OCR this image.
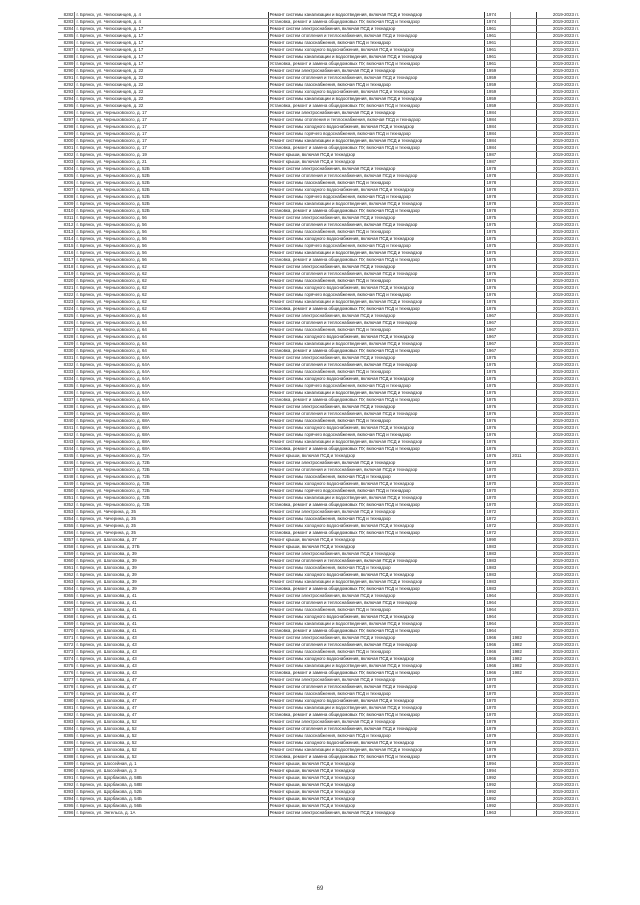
8282	г. Брянск, ул. Челюскинцев, д. 4	Ремонт системы канализации и водоотведения, включая ПСД и технадзор	1974		2019-2023 гг.
8283	г. Брянск, ул. Челюскинцев, д. 4	Установка, ремонт и замена общедомовых ПУ, включая ПСД и технадзор	1974		2019-2023 гг.
8284	г. Брянск, ул. Челюскинцев, д. 17	Ремонт систем электроснабжения, включая ПСД и технадзор	1961		2019-2023 гг.
8285	г. Брянск, ул. Челюскинцев, д. 17	Ремонт систем отопления и теплоснабжения, включая ПСД и технадзор	1961		2019-2023 гг.
8286	г. Брянск, ул. Челюскинцев, д. 17	Ремонт системы газоснабжения, включая ПСД и технадзор	1961		2019-2023 гг.
8287	г. Брянск, ул. Челюскинцев, д. 17	Ремонт системы холодного водоснабжения, включая ПСД и технадзор	1961		2019-2023 гг.
8288	г. Брянск, ул. Челюскинцев, д. 17	Ремонт системы канализации и водоотведения, включая ПСД и технадзор	1961		2019-2023 гг.
8289	г. Брянск, ул. Челюскинцев, д. 17	Установка, ремонт и замена общедомовых ПУ, включая ПСД и технадзор	1961		2019-2023 гг.
8290	г. Брянск, ул. Челюскинцев, д. 22	Ремонт систем электроснабжения, включая ПСД и технадзор	1959		2019-2023 гг.
8291	г. Брянск, ул. Челюскинцев, д. 22	Ремонт систем отопления и теплоснабжения, включая ПСД и технадзор	1959		2019-2023 гг.
8292	г. Брянск, ул. Челюскинцев, д. 22	Ремонт системы газоснабжения, включая ПСД и технадзор	1959		2019-2023 гг.
8293	г. Брянск, ул. Челюскинцев, д. 22	Ремонт системы холодного водоснабжения, включая ПСД и технадзор	1959		2019-2023 гг.
8294	г. Брянск, ул. Челюскинцев, д. 22	Ремонт системы канализации и водоотведения, включая ПСД и технадзор	1959		2019-2023 гг.
8295	г. Брянск, ул. Челюскинцев, д. 22	Установка, ремонт и замена общедомовых ПУ, включая ПСД и технадзор	1959		2019-2023 гг.
8296	г. Брянск, ул. Черныховского, д. 17	Ремонт систем электроснабжения, включая ПСД и технадзор	1984		2019-2023 гг.
8297	г. Брянск, ул. Черныховского, д. 17	Ремонт системы отопления и теплоснабжения, включая ПСД и технадзор	1984		2019-2023 гг.
8298	г. Брянск, ул. Черныховского, д. 17	Ремонт системы холодного водоснабжения, включая ПСД и технадзор	1984		2019-2023 гг.
8299	г. Брянск, ул. Черныховского, д. 17	Ремонт системы горячего водоснабжения, включая ПСД и технадзор	1984		2019-2023 гг.
8300	г. Брянск, ул. Черныховского, д. 17	Ремонт системы канализации и водоотведения, включая ПСД и технадзор	1984		2019-2023 гг.
8301	г. Брянск, ул. Черныховского, д. 17	Установка, ремонт и замена общедомовых ПУ, включая ПСД и технадзор	1984		2019-2023 гг.
8302	г. Брянск, ул. Черныховского, д. 19	Ремонт крыши, включая ПСД и технадзор	1987		2019-2023 гг.
8303	г. Брянск, ул. Черныховского, д. 21	Ремонт крыши, включая ПСД и технадзор	1987		2019-2023 гг.
8304	г. Брянск, ул. Черныховского, д. 52Б	Ремонт систем электроснабжения, включая ПСД и технадзор	1978		2019-2023 гг.
8305	г. Брянск, ул. Черныховского, д. 52Б	Ремонт систем отопления и теплоснабжения, включая ПСД и технадзор	1978		2019-2023 гг.
8306	г. Брянск, ул. Черныховского, д. 52Б	Ремонт системы газоснабжения, включая ПСД и технадзор	1978		2019-2023 гг.
8307	г. Брянск, ул. Черныховского, д. 52Б	Ремонт системы холодного водоснабжения, включая ПСД и технадзор	1978		2019-2023 гг.
8308	г. Брянск, ул. Черныховского, д. 52Б	Ремонт системы горячего водоснабжения, включая ПСД и технадзор	1978		2019-2023 гг.
8309	г. Брянск, ул. Черныховского, д. 52Б	Ремонт системы канализации и водоотведения, включая ПСД и технадзор	1978		2019-2023 гг.
8310	г. Брянск, ул. Черныховского, д. 52Б	Установка, ремонт и замена общедомовых ПУ, включая ПСД и технадзор	1978		2019-2023 гг.
8311	г. Брянск, ул. Черныховского, д. 56	Ремонт систем электроснабжения, включая ПСД и технадзор	1975		2019-2023 гг.
8312	г. Брянск, ул. Черныховского, д. 56	Ремонт систем отопления и теплоснабжения, включая ПСД и технадзор	1975		2019-2023 гг.
8313	г. Брянск, ул. Черныховского, д. 56	Ремонт системы газоснабжения, включая ПСД и технадзор	1975		2019-2023 гг.
8314	г. Брянск, ул. Черныховского, д. 56	Ремонт системы холодного водоснабжения, включая ПСД и технадзор	1975		2019-2023 гг.
8315	г. Брянск, ул. Черныховского, д. 56	Ремонт системы горячего водоснабжения, включая ПСД и технадзор	1975		2019-2023 гг.
8316	г. Брянск, ул. Черныховского, д. 56	Ремонт системы канализации и водоотведения, включая ПСД и технадзор	1975		2019-2023 гг.
8317	г. Брянск, ул. Черныховского, д. 56	Установка, ремонт и замена общедомовых ПУ, включая ПСД и технадзор	1975		2019-2023 гг.
8318	г. Брянск, ул. Черныховского, д. 62	Ремонт систем электроснабжения, включая ПСД и технадзор	1976		2019-2023 гг.
8319	г. Брянск, ул. Черныховского, д. 62	Ремонт систем отопления и теплоснабжения, включая ПСД и технадзор	1976		2019-2023 гг.
8320	г. Брянск, ул. Черныховского, д. 62	Ремонт системы газоснабжения, включая ПСД и технадзор	1976		2019-2023 гг.
8321	г. Брянск, ул. Черныховского, д. 62	Ремонт системы холодного водоснабжения, включая ПСД и технадзор	1976		2019-2023 гг.
8322	г. Брянск, ул. Черныховского, д. 62	Ремонт системы горячего водоснабжения, включая ПСД и технадзор	1976		2019-2023 гг.
8323	г. Брянск, ул. Черныховского, д. 62	Ремонт системы канализации и водоотведения, включая ПСД и технадзор	1976		2019-2023 гг.
8324	г. Брянск, ул. Черныховского, д. 62	Установка, ремонт и замена общедомовых ПУ, включая ПСД и технадзор	1976		2019-2023 гг.
8325	г. Брянск, ул. Черныховского, д. 64	Ремонт систем электроснабжения, включая ПСД и технадзор	1967		2019-2023 гг.
8326	г. Брянск, ул. Черныховского, д. 64	Ремонт систем отопления и теплоснабжения, включая ПСД и технадзор	1967		2019-2023 гг.
8327	г. Брянск, ул. Черныховского, д. 64	Ремонт системы газоснабжения, включая ПСД и технадзор	1967		2019-2023 гг.
8328	г. Брянск, ул. Черныховского, д. 64	Ремонт системы холодного водоснабжения, включая ПСД и технадзор	1967		2019-2023 гг.
8329	г. Брянск, ул. Черныховского, д. 64	Ремонт системы канализации и водоотведения, включая ПСД и технадзор	1967		2019-2023 гг.
8330	г. Брянск, ул. Черныховского, д. 64	Установка, ремонт и замена общедомовых ПУ, включая ПСД и технадзор	1967		2019-2023 гг.
8331	г. Брянск, ул. Черныховского, д. 64А	Ремонт систем электроснабжения, включая ПСД и технадзор	1975		2019-2023 гг.
8332	г. Брянск, ул. Черныховского, д. 64А	Ремонт систем отопления и теплоснабжения, включая ПСД и технадзор	1975		2019-2023 гг.
8333	г. Брянск, ул. Черныховского, д. 64А	Ремонт системы газоснабжения, включая ПСД и технадзор	1975		2019-2023 гг.
8334	г. Брянск, ул. Черныховского, д. 64А	Ремонт системы холодного водоснабжения, включая ПСД и технадзор	1975		2019-2023 гг.
8335	г. Брянск, ул. Черныховского, д. 64А	Ремонт системы горячего водоснабжения, включая ПСД и технадзор	1975		2019-2023 гг.
8336	г. Брянск, ул. Черныховского, д. 64А	Ремонт системы канализации и водоотведения, включая ПСД и технадзор	1975		2019-2023 гг.
8337	г. Брянск, ул. Черныховского, д. 64А	Установка, ремонт и замена общедомовых ПУ, включая ПСД и технадзор	1975		2019-2023 гг.
8338	г. Брянск, ул. Черныховского, д. 68А	Ремонт систем электроснабжения, включая ПСД и технадзор	1976		2019-2023 гг.
8339	г. Брянск, ул. Черныховского, д. 68А	Ремонт систем отопления и теплоснабжения, включая ПСД и технадзор	1976		2019-2023 гг.
8340	г. Брянск, ул. Черныховского, д. 68А	Ремонт системы газоснабжения, включая ПСД и технадзор	1976		2019-2023 гг.
8341	г. Брянск, ул. Черныховского, д. 68А	Ремонт системы холодного водоснабжения, включая ПСД и технадзор	1976		2019-2023 гг.
8342	г. Брянск, ул. Черныховского, д. 68А	Ремонт системы горячего водоснабжения, включая ПСД и технадзор	1976		2019-2023 гг.
8343	г. Брянск, ул. Черныховского, д. 68А	Ремонт системы канализации и водоотведения, включая ПСД и технадзор	1976		2019-2023 гг.
8344	г. Брянск, ул. Черныховского, д. 68А	Установка, ремонт и замена общедомовых ПУ, включая ПСД и технадзор	1976		2019-2023 гг.
8345	г. Брянск, ул. Черныховского, д. 72А	Ремонт крыши, включая ПСД и технадзор	1976	2011	2019-2023 гг.
8346	г. Брянск, ул. Черныховского, д. 72Б	Ремонт систем электроснабжения, включая ПСД и технадзор	1970		2019-2023 гг.
8347	г. Брянск, ул. Черныховского, д. 72Б	Ремонт систем отопления и теплоснабжения, включая ПСД и технадзор	1970		2019-2023 гг.
8348	г. Брянск, ул. Черныховского, д. 72Б	Ремонт системы газоснабжения, включая ПСД и технадзор	1970		2019-2023 гг.
8349	г. Брянск, ул. Черныховского, д. 72Б	Ремонт системы холодного водоснабжения, включая ПСД и технадзор	1970		2019-2023 гг.
8350	г. Брянск, ул. Черныховского, д. 72Б	Ремонт системы горячего водоснабжения, включая ПСД и технадзор	1970		2019-2023 гг.
8351	г. Брянск, ул. Черныховского, д. 72Б	Ремонт системы канализации и водоотведения, включая ПСД и технадзор	1970		2019-2023 гг.
8352	г. Брянск, ул. Черныховского, д. 72Б	Установка, ремонт и замена общедомовых ПУ, включая ПСД и технадзор	1970		2019-2023 гг.
8353	г. Брянск, ул. Чичерина, д. 35	Ремонт систем электроснабжения, включая ПСД и технадзор	1972		2019-2023 гг.
8354	г. Брянск, ул. Чичерина, д. 35	Ремонт системы газоснабжения, включая ПСД и технадзор	1972		2019-2023 гг.
8355	г. Брянск, ул. Чичерина, д. 35	Ремонт системы холодного водоснабжения, включая ПСД и технадзор	1972		2019-2023 гг.
8356	г. Брянск, ул. Чичерина, д. 35	Установка, ремонт и замена общедомовых ПУ, включая ПСД и технадзор	1972		2019-2023 гг.
8357	г. Брянск, ул. Шолохова, д. 37	Ремонт крыши, включая ПСД и технадзор	1990		2019-2023 гг.
8358	г. Брянск, ул. Шолохова, д. 37Б	Ремонт крыши, включая ПСД и технадзор	1983		2019-2023 гг.
8359	г. Брянск, ул. Шолохова, д. 39	Ремонт систем электроснабжения, включая ПСД и технадзор	1983		2019-2023 гг.
8360	г. Брянск, ул. Шолохова, д. 39	Ремонт систем отопления и теплоснабжения, включая ПСД и технадзор	1983		2019-2023 гг.
8361	г. Брянск, ул. Шолохова, д. 39	Ремонт системы газоснабжения, включая ПСД и технадзор	1983		2019-2023 гг.
8362	г. Брянск, ул. Шолохова, д. 39	Ремонт системы холодного водоснабжения, включая ПСД и технадзор	1983		2019-2023 гг.
8363	г. Брянск, ул. Шолохова, д. 39	Ремонт системы канализации и водоотведения, включая ПСД и технадзор	1983		2019-2023 гг.
8364	г. Брянск, ул. Шолохова, д. 39	Установка, ремонт и замена общедомовых ПУ, включая ПСД и технадзор	1983		2019-2023 гг.
8365	г. Брянск, ул. Шолохова, д. 41	Ремонт систем электроснабжения, включая ПСД и технадзор	1964		2019-2023 гг.
8366	г. Брянск, ул. Шолохова, д. 41	Ремонт систем отопления и теплоснабжения, включая ПСД и технадзор	1964		2019-2023 гг.
8367	г. Брянск, ул. Шолохова, д. 41	Ремонт системы газоснабжения, включая ПСД и технадзор	1964		2019-2023 гг.
8368	г. Брянск, ул. Шолохова, д. 41	Ремонт системы холодного водоснабжения, включая ПСД и технадзор	1964		2019-2023 гг.
8369	г. Брянск, ул. Шолохова, д. 41	Ремонт системы канализации и водоотведения, включая ПСД и технадзор	1964		2019-2023 гг.
8370	г. Брянск, ул. Шолохова, д. 41	Установка, ремонт и замена общедомовых ПУ, включая ПСД и технадзор	1964		2019-2023 гг.
8371	г. Брянск, ул. Шолохова, д. 43	Ремонт систем электроснабжения, включая ПСД и технадзор	1966	1982	2019-2023 гг.
8372	г. Брянск, ул. Шолохова, д. 43	Ремонт систем отопления и теплоснабжения, включая ПСД и технадзор	1966	1982	2019-2023 гг.
8373	г. Брянск, ул. Шолохова, д. 43	Ремонт системы газоснабжения, включая ПСД и технадзор	1966	1982	2019-2023 гг.
8374	г. Брянск, ул. Шолохова, д. 43	Ремонт системы холодного водоснабжения, включая ПСД и технадзор	1966	1982	2019-2023 гг.
8375	г. Брянск, ул. Шолохова, д. 43	Ремонт системы канализации и водоотведения, включая ПСД и технадзор	1966	1982	2019-2023 гг.
8376	г. Брянск, ул. Шолохова, д. 43	Установка, ремонт и замена общедомовых ПУ, включая ПСД и технадзор	1966	1982	2019-2023 гг.
8377	г. Брянск, ул. Шолохова, д. 47	Ремонт систем электроснабжения, включая ПСД и технадзор	1970		2019-2023 гг.
8378	г. Брянск, ул. Шолохова, д. 47	Ремонт систем отопления и теплоснабжения, включая ПСД и технадзор	1970		2019-2023 гг.
8379	г. Брянск, ул. Шолохова, д. 47	Ремонт системы газоснабжения, включая ПСД и технадзор	1970		2019-2023 гг.
8380	г. Брянск, ул. Шолохова, д. 47	Ремонт системы холодного водоснабжения, включая ПСД и технадзор	1970		2019-2023 гг.
8381	г. Брянск, ул. Шолохова, д. 47	Ремонт системы канализации и водоотведения, включая ПСД и технадзор	1970		2019-2023 гг.
8382	г. Брянск, ул. Шолохова, д. 47	Установка, ремонт и замена общедомовых ПУ, включая ПСД и технадзор	1970		2019-2023 гг.
8383	г. Брянск, ул. Шолохова, д. 52	Ремонт систем электроснабжения, включая ПСД и технадзор	1979		2019-2023 гг.
8384	г. Брянск, ул. Шолохова, д. 52	Ремонт систем отопления и теплоснабжения, включая ПСД и технадзор	1979		2019-2023 гг.
8385	г. Брянск, ул. Шолохова, д. 52	Ремонт системы газоснабжения, включая ПСД и технадзор	1979		2019-2023 гг.
8386	г. Брянск, ул. Шолохова, д. 52	Ремонт системы холодного водоснабжения, включая ПСД и технадзор	1979		2019-2023 гг.
8387	г. Брянск, ул. Шолохова, д. 52	Ремонт системы канализации и водоотведения, включая ПСД и технадзор	1979		2019-2023 гг.
8388	г. Брянск, ул. Шолохова, д. 52	Установка, ремонт и замена общедомовых ПУ, включая ПСД и технадзор	1979		2019-2023 гг.
8389	г. Брянск, ул. Шоссейная, д. 1	Ремонт крыши, включая ПСД и технадзор	1994		2019-2023 гг.
8390	г. Брянск, ул. Шоссейная, д. 3	Ремонт крыши, включая ПСД и технадзор	1994		2019-2023 гг.
8391	г. Брянск, ул. Щорбакова, д. 58Б	Ремонт крыши, включая ПСД и технадзор	1992		2019-2023 гг.
8392	г. Брянск, ул. Щорбакова, д. 58В	Ремонт крыши, включая ПСД и технадзор	1992		2019-2023 гг.
8393	г. Брянск, ул. Щорбакова, д. 52Б	Ремонт крыши, включая ПСД и технадзор	1992		2019-2023 гг.
8394	г. Брянск, ул. Щорбакова, д. 54Б	Ремонт крыши, включая ПСД и технадзор	1992		2019-2023 гг.
8395	г. Брянск, ул. Щорбакова, д. 56Б	Ремонт крыши, включая ПСД и технадзор	1992		2019-2023 гг.
8396	г. Брянск, ул. Энгельса, д. 1А	Ремонт систем электроснабжения, включая ПСД и технадзор	1963		2019-2023 гг.
69
